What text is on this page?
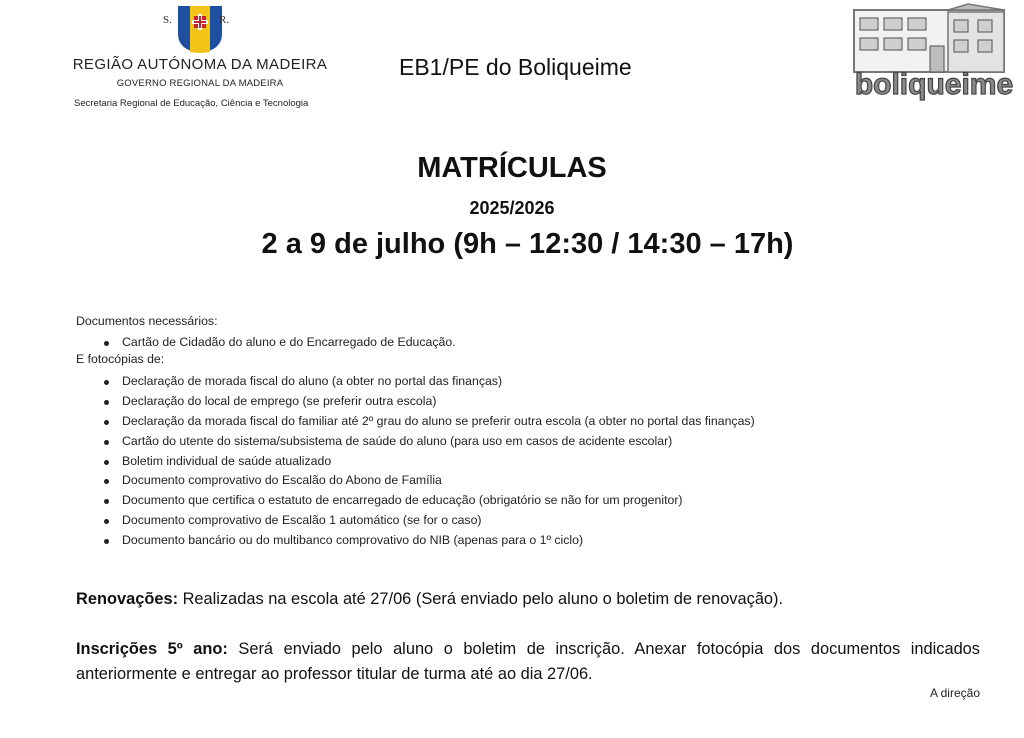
S.	R.
REGIÃO AUTÓNOMA DA MADEIRA
GOVERNO REGIONAL DA MADEIRA
Secretaria Regional de Educação, Ciência e Tecnologia
EB1/PE do Boliqueime
boliqueime
MATRÍCULAS
2025/2026
2 a 9 de julho (9h – 12:30 / 14:30 – 17h)
Documentos necessários:
Cartão de Cidadão do aluno e do Encarregado de Educação.
E fotocópias de:
Declaração de morada fiscal do aluno (a obter no portal das finanças)
Declaração do local de emprego (se preferir outra escola)
Declaração da morada fiscal do familiar até 2º grau do aluno se preferir outra escola (a obter no portal das finanças)
Cartão do utente do sistema/subsistema de saúde do aluno (para uso em casos de acidente escolar)
Boletim individual de saúde atualizado
Documento comprovativo do Escalão do Abono de Família
Documento que certifica o estatuto de encarregado de educação (obrigatório se não for um progenitor)
Documento comprovativo de Escalão 1 automático (se for o caso)
Documento bancário ou do multibanco comprovativo do NIB (apenas para o 1º ciclo)
Renovações: Realizadas na escola até 27/06 (Será enviado pelo aluno o boletim de renovação).
Inscrições 5º ano: Será enviado pelo aluno o boletim de inscrição. Anexar fotocópia dos documentos indicados anteriormente e entregar ao professor titular de turma até ao dia 27/06.
A direção
